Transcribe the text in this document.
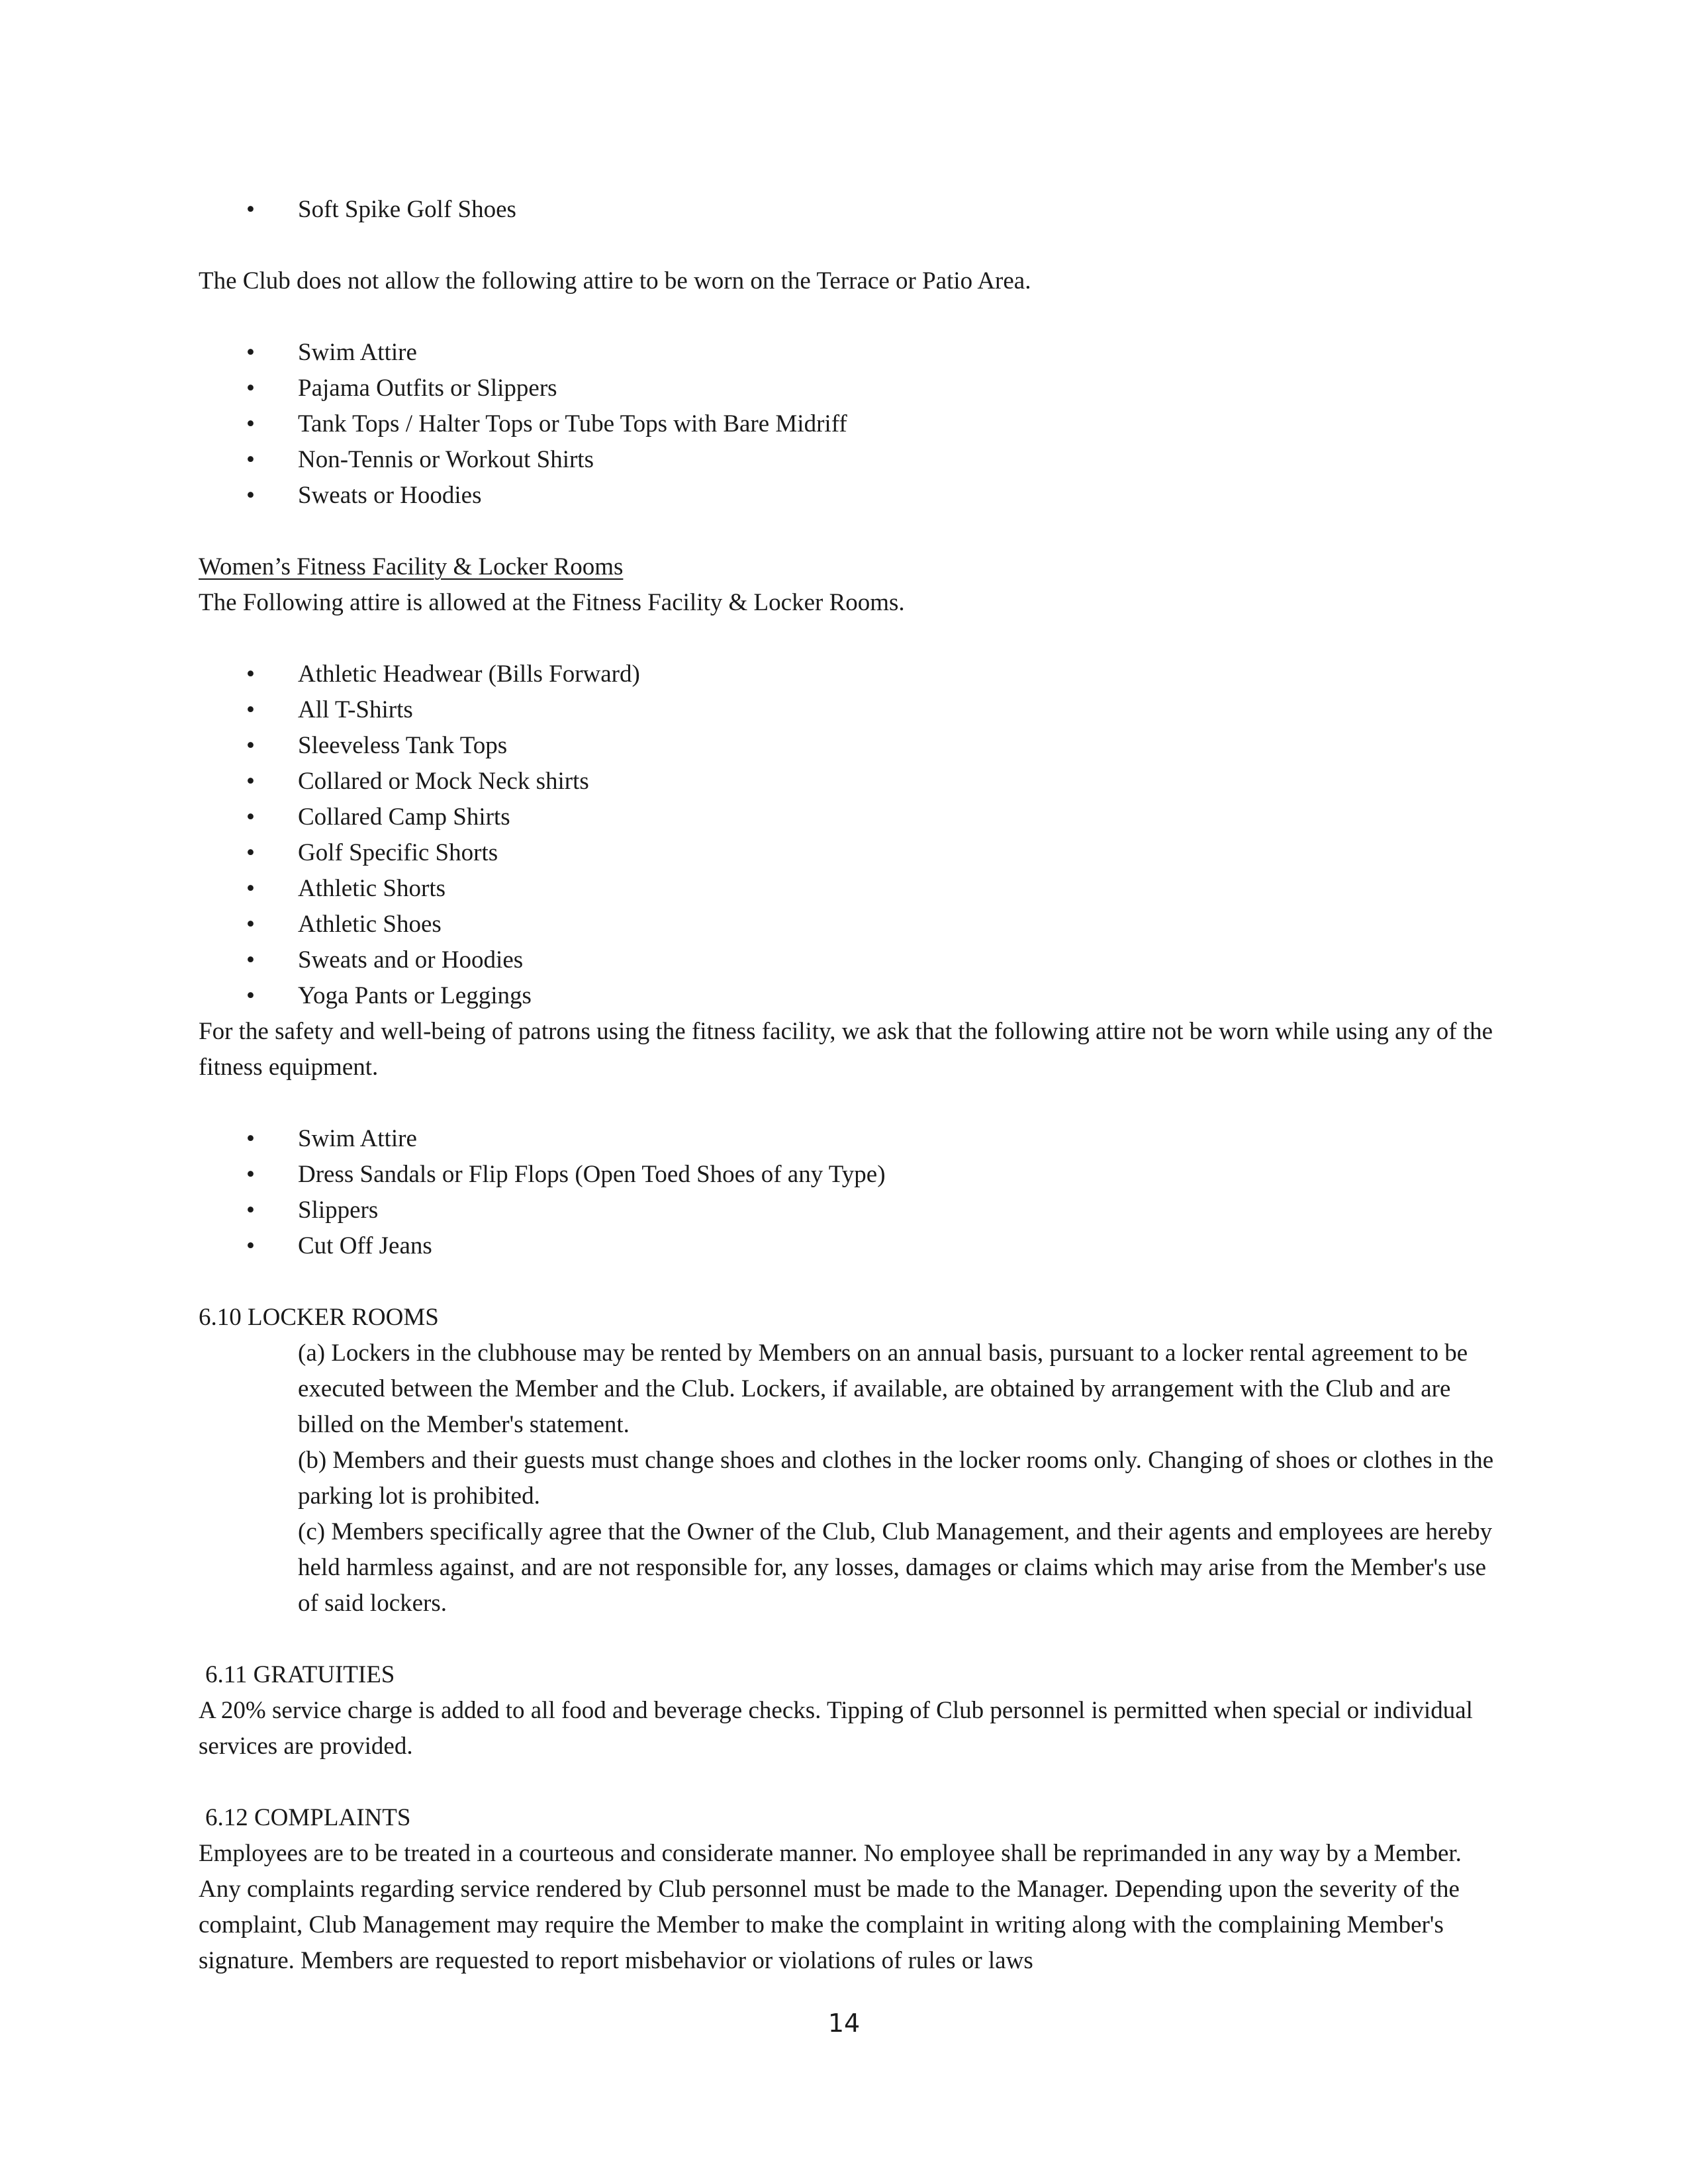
• Soft Spike Golf Shoes

The Club does not allow the following attire to be worn on the Terrace or Patio Area.

• Swim Attire
• Pajama Outfits or Slippers
• Tank Tops / Halter Tops or Tube Tops with Bare Midriff
• Non-Tennis or Workout Shirts
• Sweats or Hoodies

Women’s Fitness Facility & Locker Rooms

The Following attire is allowed at the Fitness Facility & Locker Rooms.

• Athletic Headwear (Bills Forward)
• All T-Shirts
• Sleeveless Tank Tops
• Collared or Mock Neck shirts
• Collared Camp Shirts
• Golf Specific Shorts
• Athletic Shorts
• Athletic Shoes
• Sweats and or Hoodies
• Yoga Pants or Leggings

For the safety and well-being of patrons using the fitness facility, we ask that the following attire not be worn while using any of the fitness equipment.

• Swim Attire
• Dress Sandals or Flip Flops (Open Toed Shoes of any Type)
• Slippers
• Cut Off Jeans

6.10 LOCKER ROOMS

(a) Lockers in the clubhouse may be rented by Members on an annual basis, pursuant to a locker rental agreement to be executed between the Member and the Club. Lockers, if available, are obtained by arrangement with the Club and are billed on the Member's statement.

(b) Members and their guests must change shoes and clothes in the locker rooms only. Changing of shoes or clothes in the parking lot is prohibited.

(c) Members specifically agree that the Owner of the Club, Club Management, and their agents and employees are hereby held harmless against, and are not responsible for, any losses, damages or claims which may arise from the Member's use of said lockers.

6.11 GRATUITIES

A 20% service charge is added to all food and beverage checks. Tipping of Club personnel is permitted when special or individual services are provided.

6.12 COMPLAINTS

Employees are to be treated in a courteous and considerate manner. No employee shall be reprimanded in any way by a Member. Any complaints regarding service rendered by Club personnel must be made to the Manager. Depending upon the severity of the complaint, Club Management may require the Member to make the complaint in writing along with the complaining Member's signature. Members are requested to report misbehavior or violations of rules or laws

14
